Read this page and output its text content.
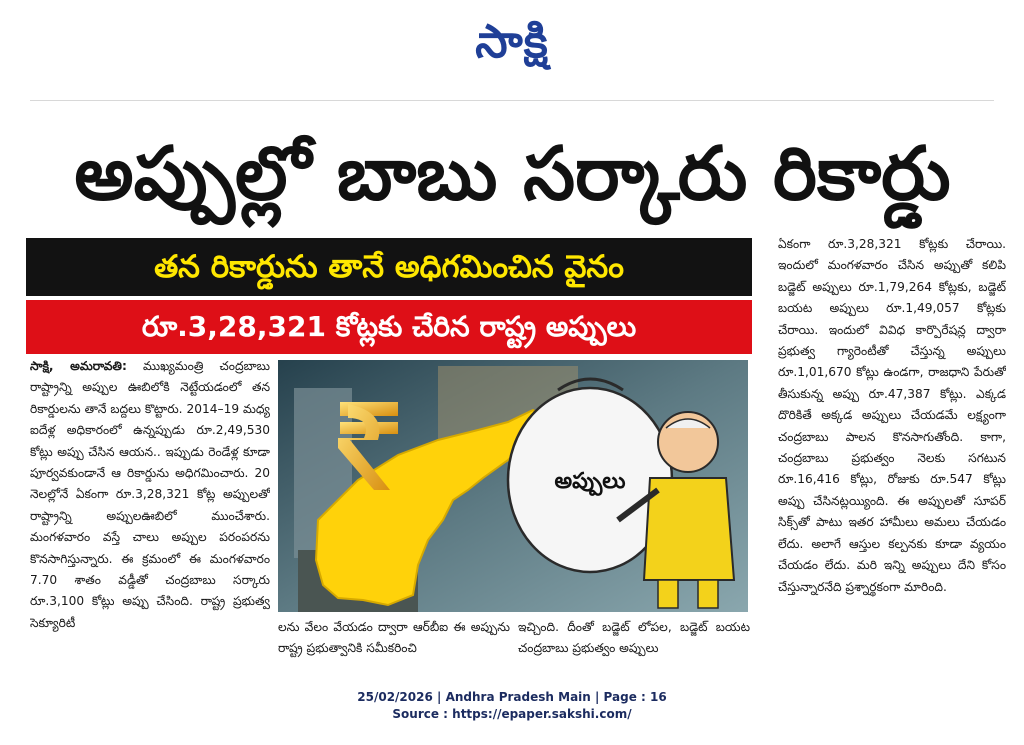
సాక్షి
అప్పుల్లో బాబు సర్కారు రికార్డు
తన రికార్డును తానే అధిగమించిన వైనం
రూ.3,28,321 కోట్లకు చేరిన రాష్ట్ర అప్పులు

సాక్షి, అమరావతి: ముఖ్యమంత్రి చంద్రబాబు రాష్ట్రాన్ని అప్పుల ఊబిలోకి నెట్టేయడంలో తన రికార్డులను తానే బద్దలు కొట్టారు. 2014–19 మధ్య ఐదేళ్ల అధికారంలో ఉన్నప్పుడు రూ.2,49,530 కోట్లు అప్పు చేసిన ఆయన.. ఇప్పుడు రెండేళ్ల కూడా పూర్వవకుండానే ఆ రికార్డును అధిగమించారు. 20 నెలల్లోనే ఏకంగా రూ.3,28,321 కోట్ల అప్పులతో రాష్ట్రాన్ని అప్పులఊబిలో ముంచేశారు. మంగళవారం వస్తే చాలు అప్పుల పరంపరను కొనసాగిస్తున్నారు. ఈ క్రమంలో ఈ మంగళవారం 7.70 శాతం వడ్డీతో చంద్రబాబు సర్కారు రూ.3,100 కోట్లు అప్పు చేసింది. రాష్ట్ర ప్రభుత్వ సెక్యూరిటీ

అప్పులు

లను వేలం వేయడం ద్వారా ఆర్‌బీఐ ఈ అప్పును రాష్ట్ర ప్రభుత్వానికి సమీకరించి

ఇచ్చింది. దీంతో బడ్జెట్ లోపల, బడ్జెట్ బయట చంద్రబాబు ప్రభుత్వం అప్పులు

ఏకంగా రూ.3,28,321 కోట్లకు చేరాయి. ఇందులో మంగళవారం చేసిన అప్పుతో కలిపి బడ్జెట్ అప్పులు రూ.1,79,264 కోట్లకు, బడ్జెట్ బయట అప్పులు రూ.1,49,057 కోట్లకు చేరాయి. ఇందులో వివిధ కార్పొరేషన్ల ద్వారా ప్రభుత్వ గ్యారెంటీతో చేస్తున్న అప్పులు రూ.1,01,670 కోట్లు ఉండగా, రాజధాని పేరుతో తీసుకున్న అప్పు రూ.47,387 కోట్లు. ఎక్కడ దొరికితే అక్కడ అప్పులు చేయడమే లక్ష్యంగా చంద్రబాబు పాలన కొనసాగుతోంది. కాగా, చంద్రబాబు ప్రభుత్వం నెలకు సగటున రూ.16,416 కోట్లు, రోజుకు రూ.547 కోట్లు అప్పు చేసినట్లయ్యింది. ఈ అప్పులతో సూపర్ సిక్స్‌తో పాటు ఇతర హామీలు అమలు చేయడం లేదు. అలాగే ఆస్తుల కల్పనకు కూడా వ్యయం చేయడం లేదు. మరి ఇన్ని అప్పులు దేని కోసం చేస్తున్నారనేది ప్రశ్నార్థకంగా మారింది.

25/02/2026 | Andhra Pradesh Main | Page : 16
Source : https://epaper.sakshi.com/
